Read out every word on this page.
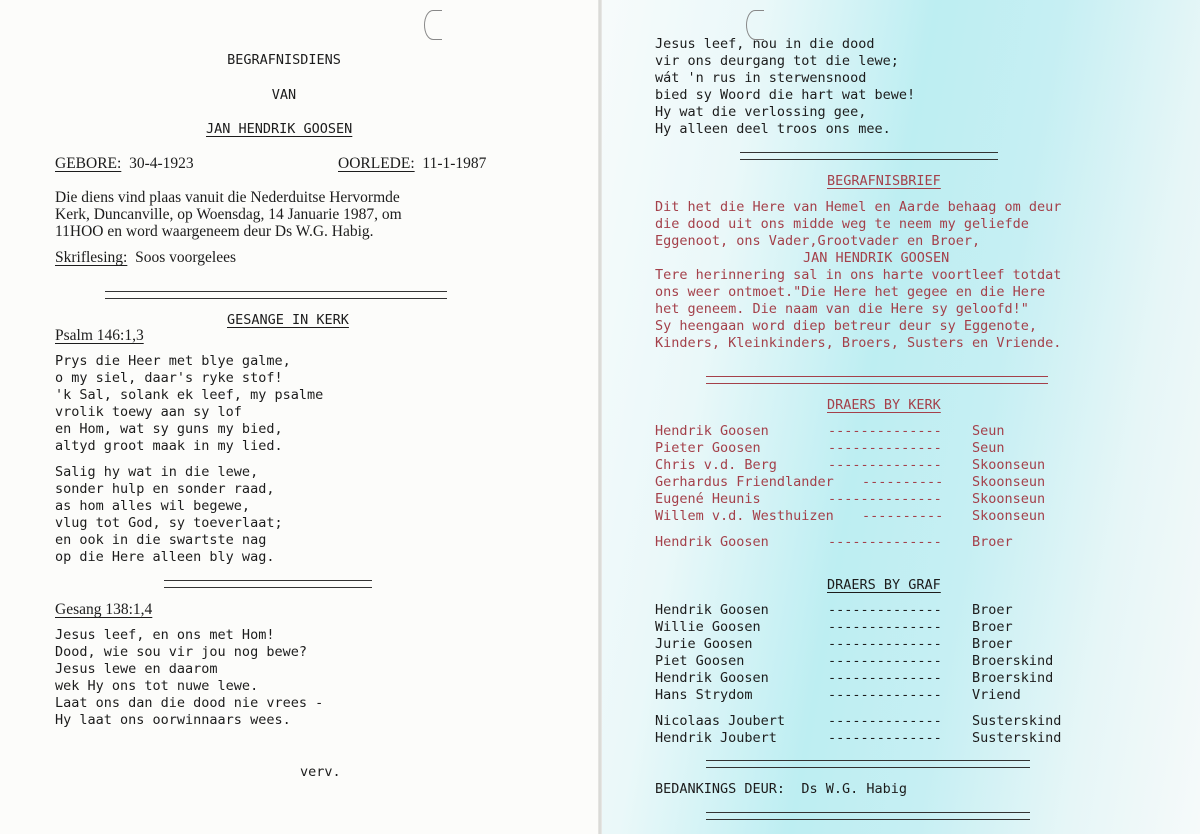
BEGRAFNISDIENS
VAN
JAN HENDRIK GOOSEN
GEBORE: 30-4-1923	OORLEDE: 11-1-1987
Die diens vind plaas vanuit die Nederduitse Hervormde
Kerk, Duncanville, op Woensdag, 14 Januarie 1987, om
11HOO en word waargeneem deur Ds W.G. Habig.
Skriflesing: Soos voorgelees
GESANGE IN KERK
Psalm 146:1,3
Prys die Heer met blye galme,
o my siel, daar's ryke stof!
'k Sal, solank ek leef, my psalme
vrolik toewy aan sy lof
en Hom, wat sy guns my bied,
altyd groot maak in my lied.
Salig hy wat in die lewe,
sonder hulp en sonder raad,
as hom alles wil begewe,
vlug tot God, sy toeverlaat;
en ook in die swartste nag
op die Here alleen bly wag.
Gesang 138:1,4
Jesus leef, en ons met Hom!
Dood, wie sou vir jou nog bewe?
Jesus lewe en daarom
wek Hy ons tot nuwe lewe.
Laat ons dan die dood nie vrees -
Hy laat ons oorwinnaars wees.
verv.
Jesus leef, nou in die dood
vir ons deurgang tot die lewe;
wát 'n rus in sterwensnood
bied sy Woord die hart wat bewe!
Hy wat die verlossing gee,
Hy alleen deel troos ons mee.
BEGRAFNISBRIEF
Dit het die Here van Hemel en Aarde behaag om deur
die dood uit ons midde weg te neem my geliefde
Eggenoot, ons Vader,Grootvader en Broer,
JAN HENDRIK GOOSEN
Tere herinnering sal in ons harte voortleef totdat
ons weer ontmoet."Die Here het gegee en die Here
het geneem. Die naam van die Here sy geloofd!"
Sy heengaan word diep betreur deur sy Eggenote,
Kinders, Kleinkinders, Broers, Susters en Vriende.
DRAERS BY KERK
Hendrik Goosen	-------------- Seun
Pieter Goosen	-------------- Seun
Chris v.d. Berg	-------------- Skoonseun
Gerhardus Friendlander ---------- Skoonseun
Eugené Heunis	-------------- Skoonseun
Willem v.d. Westhuizen ---------- Skoonseun
Hendrik Goosen	-------------- Broer
DRAERS BY GRAF
Hendrik Goosen	-------------- Broer
Willie Goosen	-------------- Broer
Jurie Goosen	-------------- Broer
Piet Goosen	-------------- Broerskind
Hendrik Goosen	-------------- Broerskind
Hans Strydom	-------------- Vriend
Nicolaas Joubert	-------------- Susterskind
Hendrik Joubert	-------------- Susterskind
BEDANKINGS DEUR: Ds W.G. Habig
